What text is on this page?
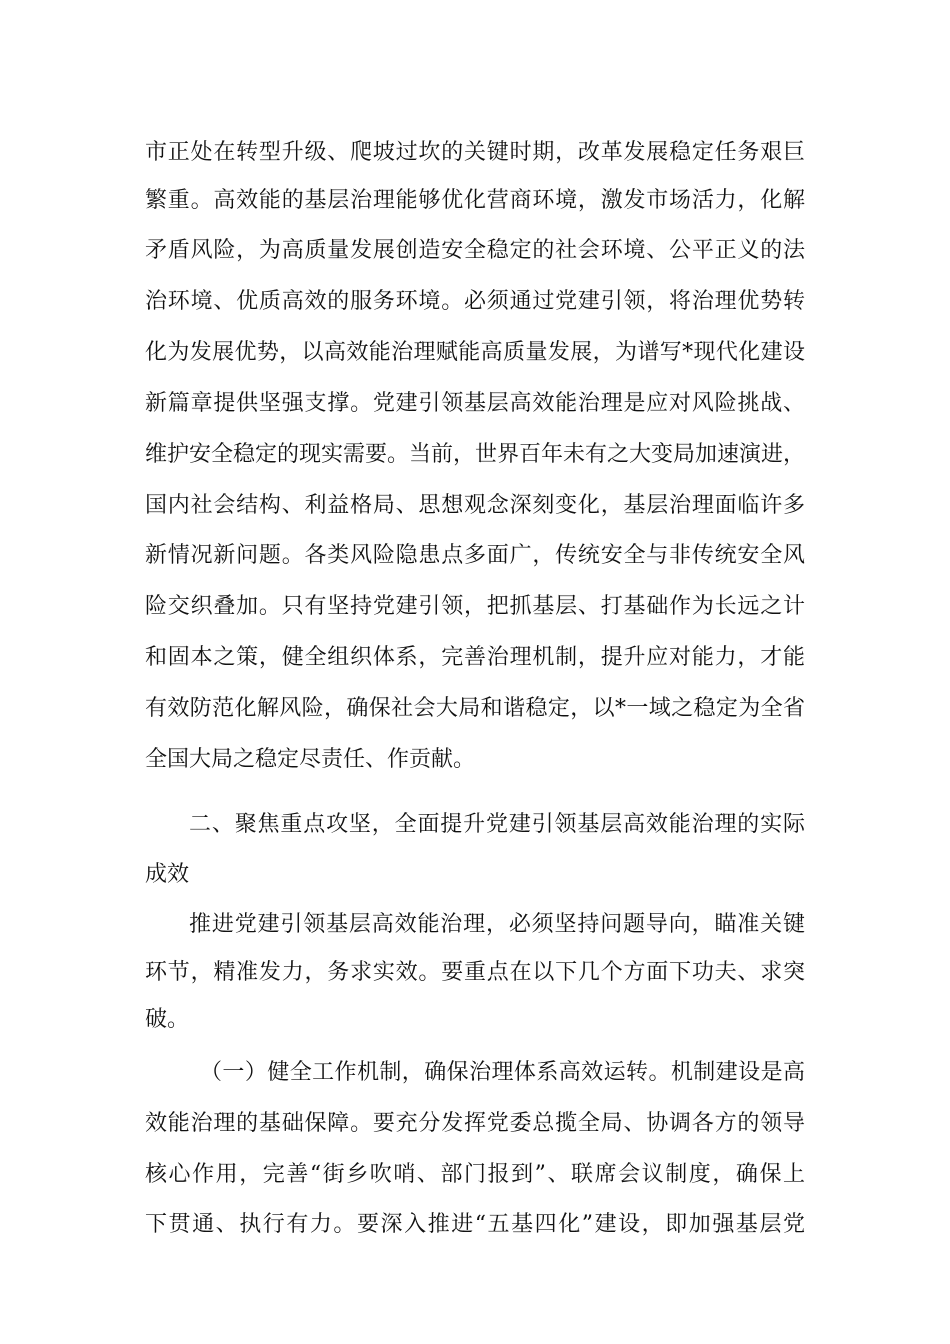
市正处在转型升级、爬坡过坎的关键时期，改革发展稳定任务艰巨
繁重。高效能的基层治理能够优化营商环境，激发市场活力，化解
矛盾风险，为高质量发展创造安全稳定的社会环境、公平正义的法
治环境、优质高效的服务环境。必须通过党建引领，将治理优势转
化为发展优势，以高效能治理赋能高质量发展，为谱写*现代化建设
新篇章提供坚强支撑。党建引领基层高效能治理是应对风险挑战、
维护安全稳定的现实需要。当前，世界百年未有之大变局加速演进，
国内社会结构、利益格局、思想观念深刻变化，基层治理面临许多
新情况新问题。各类风险隐患点多面广，传统安全与非传统安全风
险交织叠加。只有坚持党建引领，把抓基层、打基础作为长远之计
和固本之策，健全组织体系，完善治理机制，提升应对能力，才能
有效防范化解风险，确保社会大局和谐稳定，以*一域之稳定为全省
全国大局之稳定尽责任、作贡献。
二、聚焦重点攻坚，全面提升党建引领基层高效能治理的实际
成效
推进党建引领基层高效能治理，必须坚持问题导向，瞄准关键
环节，精准发力，务求实效。要重点在以下几个方面下功夫、求突
破。
（一）健全工作机制，确保治理体系高效运转。机制建设是高
效能治理的基础保障。要充分发挥党委总揽全局、协调各方的领导
核心作用，完善“街乡吹哨、部门报到”、联席会议制度，确保上
下贯通、执行有力。要深入推进“五基四化”建设，即加强基层党
